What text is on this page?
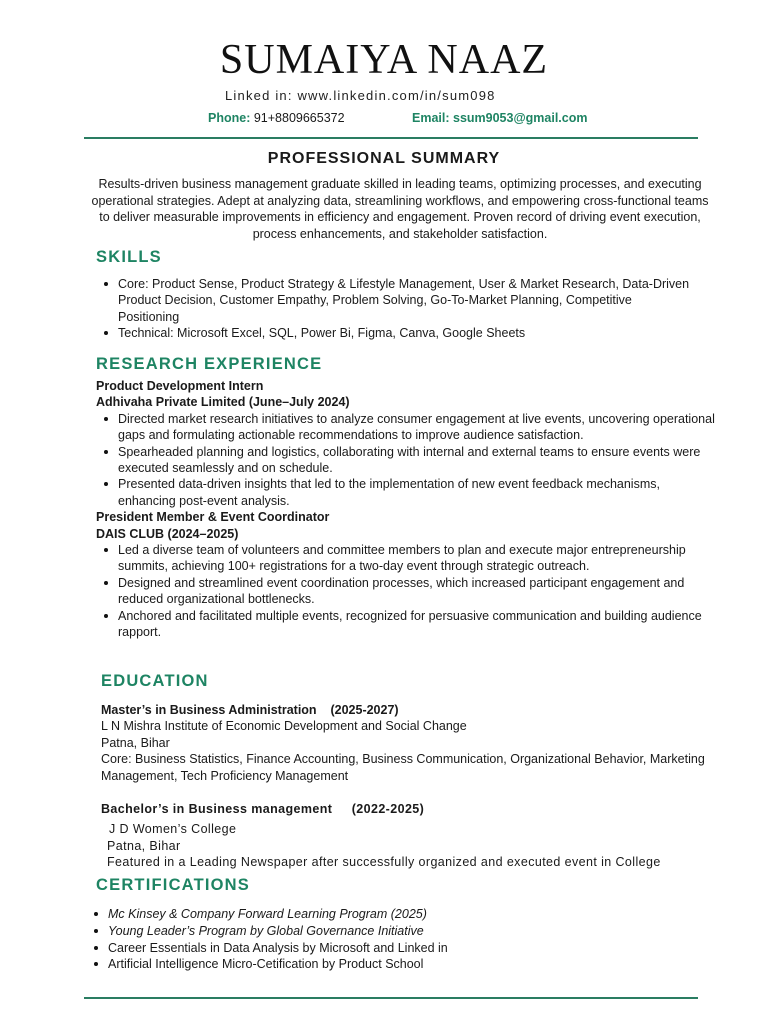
SUMAIYA NAAZ
Linked in: www.linkedin.com/in/sum098
Phone: 91+8809665372	Email: ssum9053@gmail.com
PROFESSIONAL SUMMARY

Results-driven business management graduate skilled in leading teams, optimizing processes, and executing operational strategies. Adept at analyzing data, streamlining workflows, and empowering cross-functional teams to deliver measurable improvements in efficiency and engagement. Proven record of driving event execution, process enhancements, and stakeholder satisfaction.

SKILLS
Core: Product Sense, Product Strategy & Lifestyle Management, User & Market Research, Data-Driven Product Decision, Customer Empathy, Problem Solving, Go-To-Market Planning, Competitive Positioning
Technical: Microsoft Excel, SQL, Power Bi, Figma, Canva, Google Sheets
RESEARCH EXPERIENCE
Product Development Intern
Adhivaha Private Limited (June–July 2024)
Directed market research initiatives to analyze consumer engagement at live events, uncovering operational gaps and formulating actionable recommendations to improve audience satisfaction.
Spearheaded planning and logistics, collaborating with internal and external teams to ensure events were executed seamlessly and on schedule.
Presented data-driven insights that led to the implementation of new event feedback mechanisms, enhancing post-event analysis.
President Member & Event Coordinator
DAIS CLUB (2024–2025)
Led a diverse team of volunteers and committee members to plan and execute major entrepreneurship summits, achieving 100+ registrations for a two-day event through strategic outreach.
Designed and streamlined event coordination processes, which increased participant engagement and reduced organizational bottlenecks.
Anchored and facilitated multiple events, recognized for persuasive communication and building audience rapport.
EDUCATION
Master’s in Business Administration (2025-2027)
L N Mishra Institute of Economic Development and Social Change
Patna, Bihar
Core: Business Statistics, Finance Accounting, Business Communication, Organizational Behavior, Marketing Management, Tech Proficiency Management
Bachelor’s in Business management (2022-2025)
J D Women’s College
Patna, Bihar
Featured in a Leading Newspaper after successfully organized and executed event in College
CERTIFICATIONS
Mc Kinsey & Company Forward Learning Program (2025)
Young Leader’s Program by Global Governance Initiative
Career Essentials in Data Analysis by Microsoft and Linked in
Artificial Intelligence Micro-Cetification by Product School
